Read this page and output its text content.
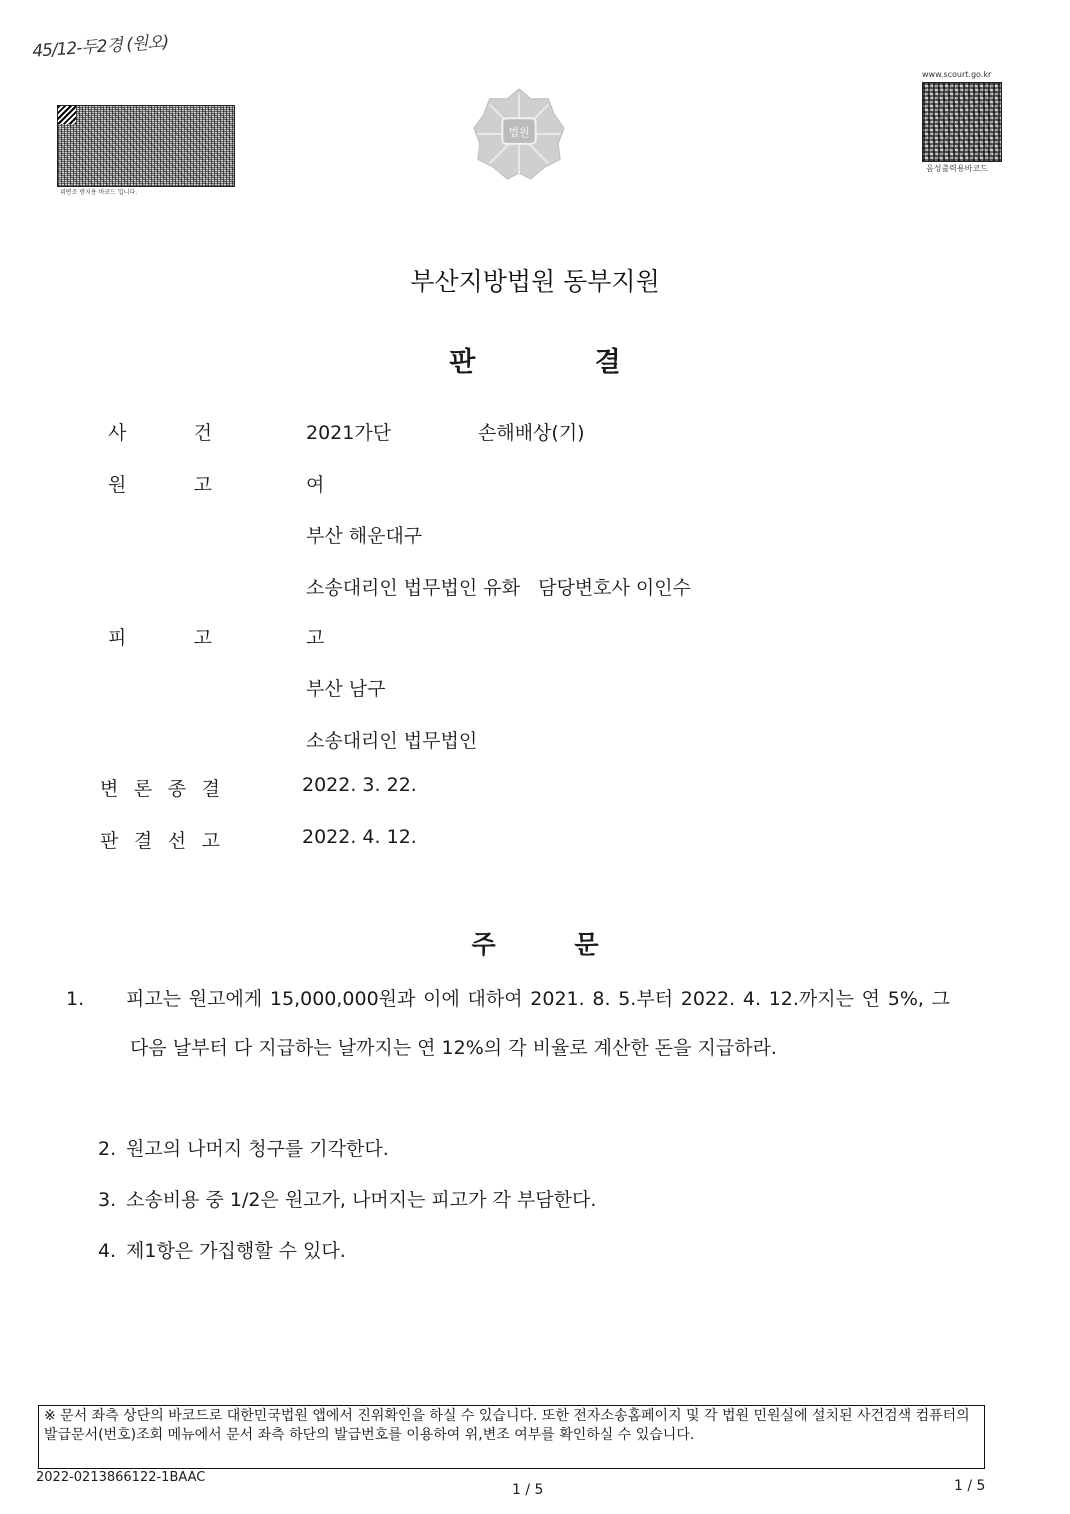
45/12-두2경 (원오)
위변조 방지용 바코드 입니다.
www.scourt.go.kr
음성출력용바코드
법원
부산지방법원 동부지원
판 결
사	건	2021가단	손해배상(기)
원	고	여
부산 해운대구
소송대리인 법무법인 유화   담당변호사 이인수
피	고	고
부산 남구
소송대리인 법무법인
변 론 종 결	2022. 3. 22.
판 결 선 고	2022. 4. 12.
주 문
1. 피고는 원고에게 15,000,000원과 이에 대하여 2021. 8. 5.부터 2022. 4. 12.까지는 연 5%, 그 다음 날부터 다 지급하는 날까지는 연 12%의 각 비율로 계산한 돈을 지급하라.
2. 원고의 나머지 청구를 기각한다.
3. 소송비용 중 1/2은 원고가, 나머지는 피고가 각 부담한다.
4. 제1항은 가집행할 수 있다.
※ 문서 좌측 상단의 바코드로 대한민국법원 앱에서 진위확인을 하실 수 있습니다. 또한 전자소송홈페이지 및 각 법원 민원실에 설치된 사건검색 컴퓨터의 발급문서(번호)조회 메뉴에서 문서 좌측 하단의 발급번호를 이용하여 위,변조 여부를 확인하실 수 있습니다.
2022-0213866122-1BAAC
1 / 5	1 / 5
